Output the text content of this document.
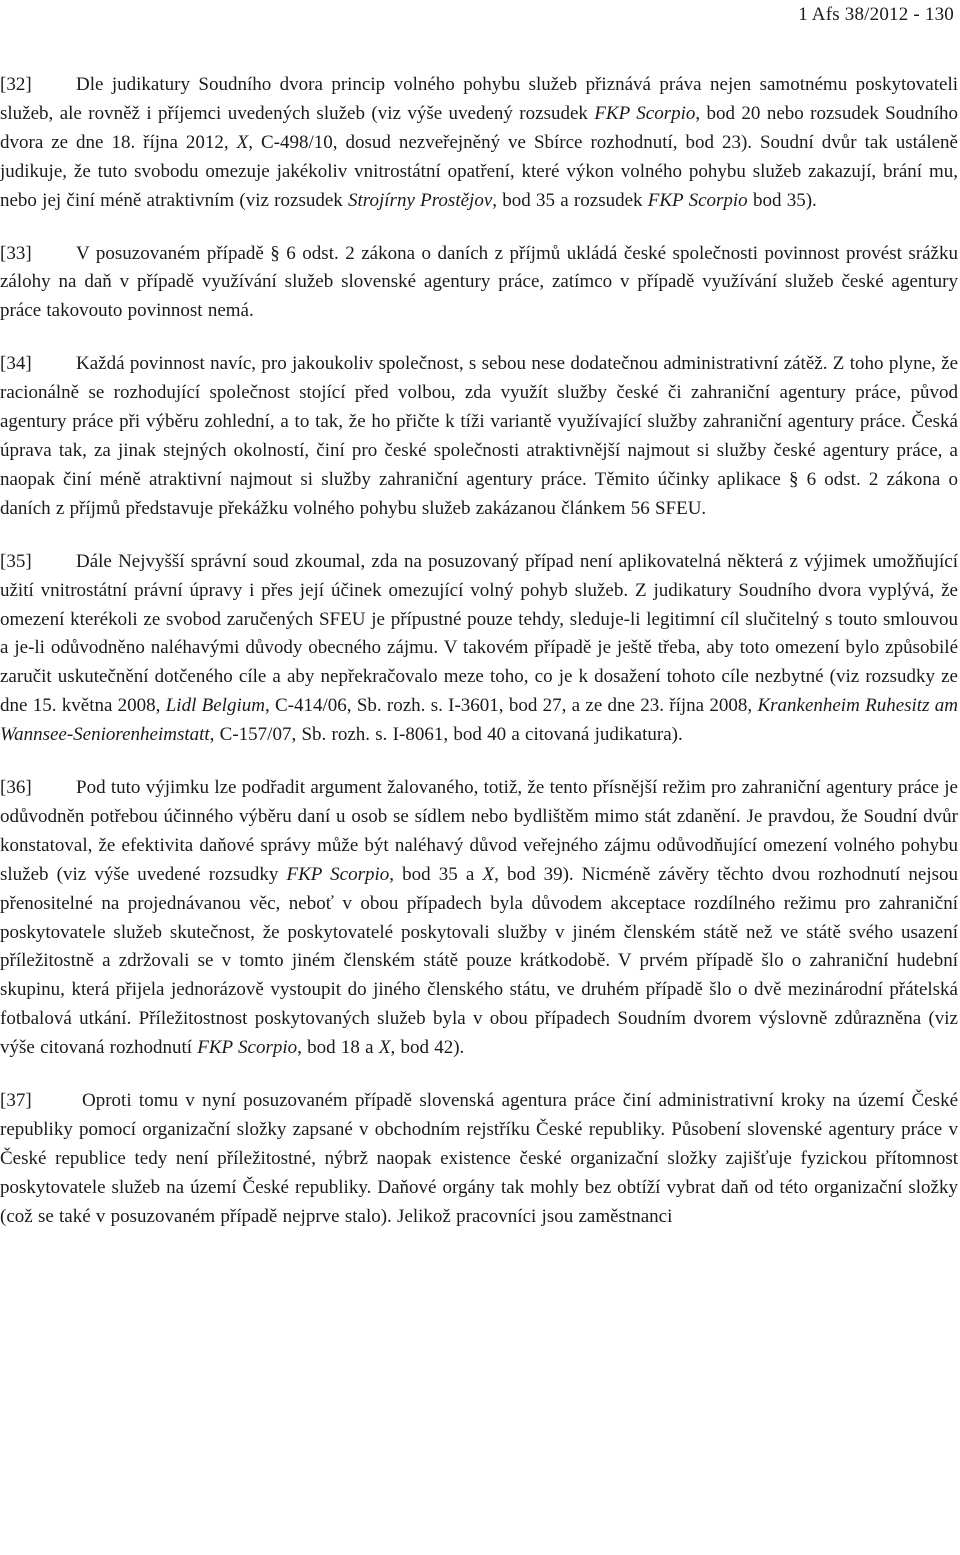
1 Afs 38/2012 - 130

[32] Dle judikatury Soudního dvora princip volného pohybu služeb přiznává práva nejen samotnému poskytovateli služeb, ale rovněž i příjemci uvedených služeb (viz výše uvedený rozsudek FKP Scorpio, bod 20 nebo rozsudek Soudního dvora ze dne 18. října 2012, X, C-498/10, dosud nezveřejněný ve Sbírce rozhodnutí, bod 23). Soudní dvůr tak ustáleně judikuje, že tuto svobodu omezuje jakékoliv vnitrostátní opatření, které výkon volného pohybu služeb zakazují, brání mu, nebo jej činí méně atraktivním (viz rozsudek Strojírny Prostějov, bod 35 a rozsudek FKP Scorpio bod 35).

[33] V posuzovaném případě § 6 odst. 2 zákona o daních z příjmů ukládá české společnosti povinnost provést srážku zálohy na daň v případě využívání služeb slovenské agentury práce, zatímco v případě využívání služeb české agentury práce takovouto povinnost nemá.

[34] Každá povinnost navíc, pro jakoukoliv společnost, s sebou nese dodatečnou administrativní zátěž. Z toho plyne, že racionálně se rozhodující společnost stojící před volbou, zda využít služby české či zahraniční agentury práce, původ agentury práce při výběru zohlední, a to tak, že ho přičte k tíži variantě využívající služby zahraniční agentury práce. Česká úprava tak, za jinak stejných okolností, činí pro české společnosti atraktivnější najmout si služby české agentury práce, a naopak činí méně atraktivní najmout si služby zahraniční agentury práce. Těmito účinky aplikace § 6 odst. 2 zákona o daních z příjmů představuje překážku volného pohybu služeb zakázanou článkem 56 SFEU.

[35] Dále Nejvyšší správní soud zkoumal, zda na posuzovaný případ není aplikovatelná některá z výjimek umožňující užití vnitrostátní právní úpravy i přes její účinek omezující volný pohyb služeb. Z judikatury Soudního dvora vyplývá, že omezení kterékoli ze svobod zaručených SFEU je přípustné pouze tehdy, sleduje-li legitimní cíl slučitelný s touto smlouvou a je-li odůvodněno naléhavými důvody obecného zájmu. V takovém případě je ještě třeba, aby toto omezení bylo způsobilé zaručit uskutečnění dotčeného cíle a aby nepřekračovalo meze toho, co je k dosažení tohoto cíle nezbytné (viz rozsudky ze dne 15. května 2008, Lidl Belgium, C-414/06, Sb. rozh. s. I-3601, bod 27, a ze dne 23. října 2008, Krankenheim Ruhesitz am Wannsee-Seniorenheimstatt, C-157/07, Sb. rozh. s. I-8061, bod 40 a citovaná judikatura).

[36] Pod tuto výjimku lze podřadit argument žalovaného, totiž, že tento přísnější režim pro zahraniční agentury práce je odůvodněn potřebou účinného výběru daní u osob se sídlem nebo bydlištěm mimo stát zdanění. Je pravdou, že Soudní dvůr konstatoval, že efektivita daňové správy může být naléhavý důvod veřejného zájmu odůvodňující omezení volného pohybu služeb (viz výše uvedené rozsudky FKP Scorpio, bod 35 a X, bod 39). Nicméně závěry těchto dvou rozhodnutí nejsou přenositelné na projednávanou věc, neboť v obou případech byla důvodem akceptace rozdílného režimu pro zahraniční poskytovatele služeb skutečnost, že poskytovatelé poskytovali služby v jiném členském státě než ve státě svého usazení příležitostně a zdržovali se v tomto jiném členském státě pouze krátkodobě. V prvém případě šlo o zahraniční hudební skupinu, která přijela jednorázově vystoupit do jiného členského státu, ve druhém případě šlo o dvě mezinárodní přátelská fotbalová utkání. Příležitostnost poskytovaných služeb byla v obou případech Soudním dvorem výslovně zdůrazněna (viz výše citovaná rozhodnutí FKP Scorpio, bod 18 a X, bod 42).

[37]	Oproti tomu v nyní posuzovaném případě slovenská agentura práce činí administrativní kroky na území České republiky pomocí organizační složky zapsané v obchodním rejstříku České republiky. Působení slovenské agentury práce v České republice tedy není příležitostné, nýbrž naopak existence české organizační složky zajišťuje fyzickou přítomnost poskytovatele služeb na území České republiky. Daňové orgány tak mohly bez obtíží vybrat daň od této organizační složky (což se také v posuzovaném případě nejprve stalo). Jelikož pracovníci jsou zaměstnanci
